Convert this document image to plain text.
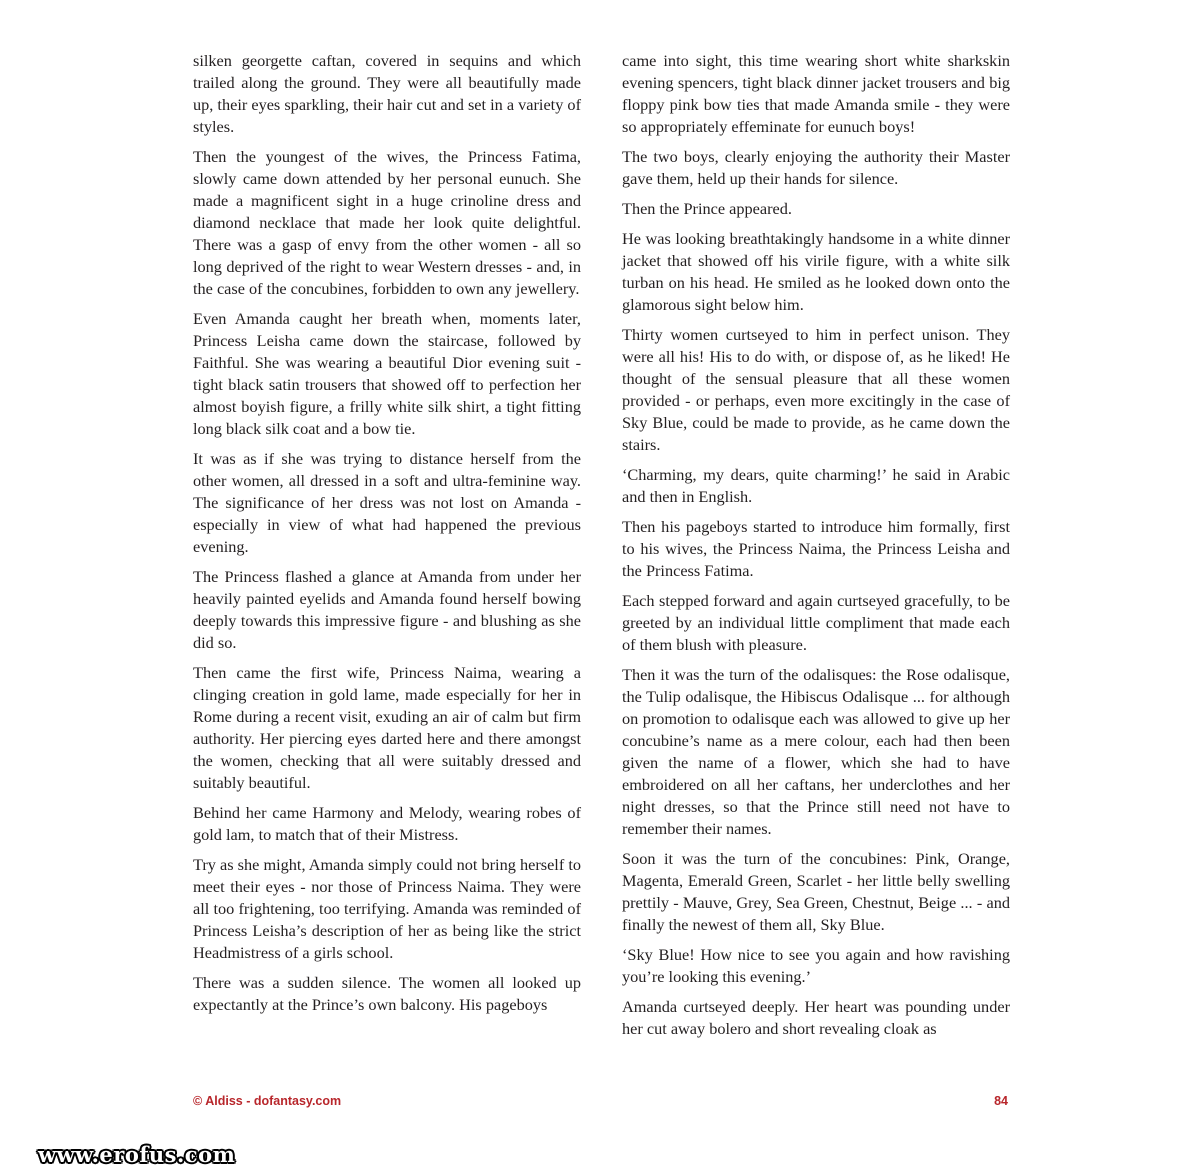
silken georgette caftan, covered in sequins and which trailed along the ground. They were all beautifully made up, their eyes sparkling, their hair cut and set in a variety of styles.

Then the youngest of the wives, the Princess Fatima, slowly came down attended by her personal eunuch. She made a magnificent sight in a huge crinoline dress and diamond necklace that made her look quite delightful. There was a gasp of envy from the other women - all so long deprived of the right to wear Western dresses - and, in the case of the concubines, forbidden to own any jewellery.

Even Amanda caught her breath when, moments later, Princess Leisha came down the staircase, followed by Faithful. She was wearing a beautiful Dior evening suit - tight black satin trousers that showed off to perfection her almost boyish figure, a frilly white silk shirt, a tight fitting long black silk coat and a bow tie.

It was as if she was trying to distance herself from the other women, all dressed in a soft and ultra-feminine way. The significance of her dress was not lost on Amanda - especially in view of what had happened the previous evening.

The Princess flashed a glance at Amanda from under her heavily painted eyelids and Amanda found herself bowing deeply towards this impressive figure - and blushing as she did so.

Then came the first wife, Princess Naima, wearing a clinging creation in gold lame, made especially for her in Rome during a recent visit, exuding an air of calm but firm authority. Her piercing eyes darted here and there amongst the women, checking that all were suitably dressed and suitably beautiful.

Behind her came Harmony and Melody, wearing robes of gold lam, to match that of their Mistress.

Try as she might, Amanda simply could not bring herself to meet their eyes - nor those of Princess Naima. They were all too frightening, too terrifying. Amanda was reminded of Princess Leisha’s description of her as being like the strict Headmistress of a girls school.

There was a sudden silence. The women all looked up expectantly at the Prince’s own balcony. His pageboys

came into sight, this time wearing short white sharkskin evening spencers, tight black dinner jacket trousers and big floppy pink bow ties that made Amanda smile - they were so appropriately effeminate for eunuch boys!

The two boys, clearly enjoying the authority their Master gave them, held up their hands for silence.

Then the Prince appeared.

He was looking breathtakingly handsome in a white dinner jacket that showed off his virile figure, with a white silk turban on his head. He smiled as he looked down onto the glamorous sight below him.

Thirty women curtseyed to him in perfect unison. They were all his! His to do with, or dispose of, as he liked! He thought of the sensual pleasure that all these women provided - or perhaps, even more excitingly in the case of Sky Blue, could be made to provide, as he came down the stairs.

‘Charming, my dears, quite charming!’ he said in Arabic and then in English.

Then his pageboys started to introduce him formally, first to his wives, the Princess Naima, the Princess Leisha and the Princess Fatima.

Each stepped forward and again curtseyed gracefully, to be greeted by an individual little compliment that made each of them blush with pleasure.

Then it was the turn of the odalisques: the Rose odalisque, the Tulip odalisque, the Hibiscus Odalisque ... for although on promotion to odalisque each was allowed to give up her concubine’s name as a mere colour, each had then been given the name of a flower, which she had to have embroidered on all her caftans, her underclothes and her night dresses, so that the Prince still need not have to remember their names.

Soon it was the turn of the concubines: Pink, Orange, Magenta, Emerald Green, Scarlet - her little belly swelling prettily - Mauve, Grey, Sea Green, Chestnut, Beige ... - and finally the newest of them all, Sky Blue.

‘Sky Blue! How nice to see you again and how ravishing you’re looking this evening.’

Amanda curtseyed deeply. Her heart was pounding under her cut away bolero and short revealing cloak as

© Aldiss - dofantasy.com	84
www.erofus.com
